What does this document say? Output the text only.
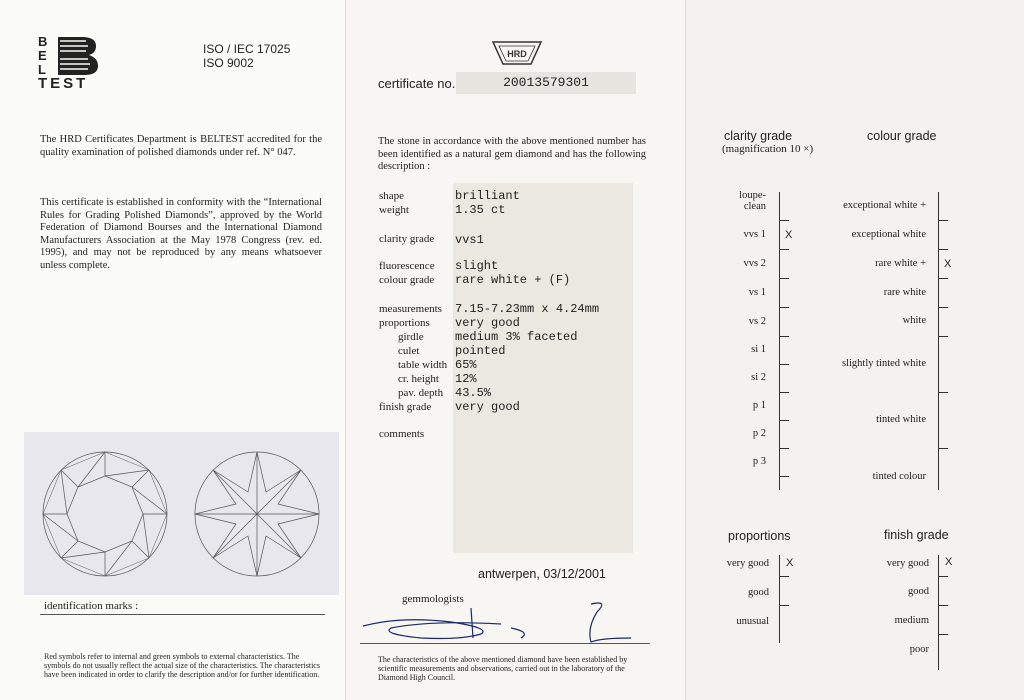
B
E
L
TEST
ISO / IEC 17025
ISO 9002
The HRD Certificates Department is BELTEST accredited for the quality examination of polished diamonds under ref. N° 047.
This certificate is established in conformity with the “International Rules for Grading Polished Diamonds”, approved by the World Federation of Diamond Bourses and the International Diamond Manufacturers Association at the May 1978 Congress (rev. ed. 1995), and may not be reproduced by any means whatsoever unless complete.
identification marks :
Red symbols refer to internal and green symbols to external characteristics. The symbols do not usually reflect the actual size of the characteristics. The characteristics have been indicated in order to clarify the description and/or for further identification.
HRD
certificate no.	20013579301
The stone in accordance with the above mentioned number has been identified as a natural gem diamond and has the following description :
shape	brilliant
weight	1.35 ct
clarity grade vvs1
fluorescence slight
colour grade rare white + (F)
measurements 7.15-7.23mm x 4.24mm
proportions very good
girdle	medium 3% faceted
culet	pointed
table width 65%
cr. height 12%
pav. depth 43.5%
finish grade very good
comments
antwerpen, 03/12/2001
gemmologists
The characteristics of the above mentioned diamond have been established by scientific measurements and observations, carried out in the laboratory of the Diamond High Council.
clarity grade
(magnification 10 ×)
colour grade
loupe-
clean
vvs 1 X
vvs 2
vs 1
vs 2
si 1
si 2
p 1
p 2
p 3
exceptional white +
exceptional white
rare white + X
rare white
white
slightly tinted white
tinted white
tinted colour
proportions
very good X
good
unusual
finish grade
very good X
good
medium
poor
